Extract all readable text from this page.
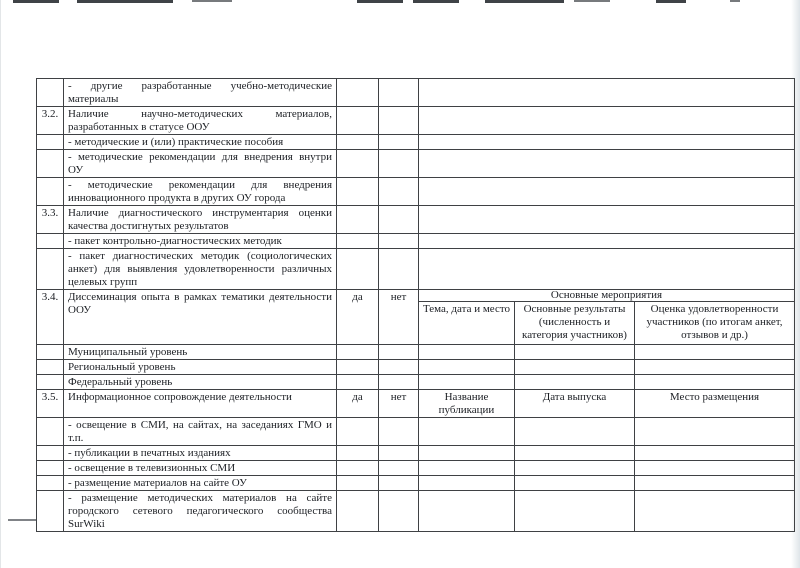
	- другие разработанные учебно-методические материалы					
3.2.	Наличие научно-методических материалов, разработанных в статусе ООУ					
	- методические и (или) практические пособия					
	- методические рекомендации для внедрения внутри ОУ					
	- методические рекомендации для внедрения инновационного продукта в других ОУ города					
3.3.	Наличие диагностического инструментария оценки качества достигнутых результатов					
	- пакет контрольно-диагностических методик					
	- пакет диагностических методик (социологических анкет) для выявления удовлетворенности различных целевых групп					
3.4.	Диссеминация опыта в рамках тематики деятельности ООУ	да	нет	Основные мероприятия		
				Тема, дата и место	Основные результаты (численность и категория участников)	Оценка удовлетворенности участников (по итогам анкет, отзывов и др.)
	Муниципальный уровень					
	Региональный уровень					
	Федеральный уровень					
3.5.	Информационное сопровождение деятельности	да	нет	Название публикации	Дата выпуска	Место размещения
	- освещение в СМИ, на сайтах, на заседаниях ГМО и т.п.					
	- публикации в печатных изданиях					
	- освещение в телевизионных СМИ					
	- размещение материалов на сайте ОУ					
	- размещение методических материалов на сайте городского сетевого педагогического сообщества SurWiki					
